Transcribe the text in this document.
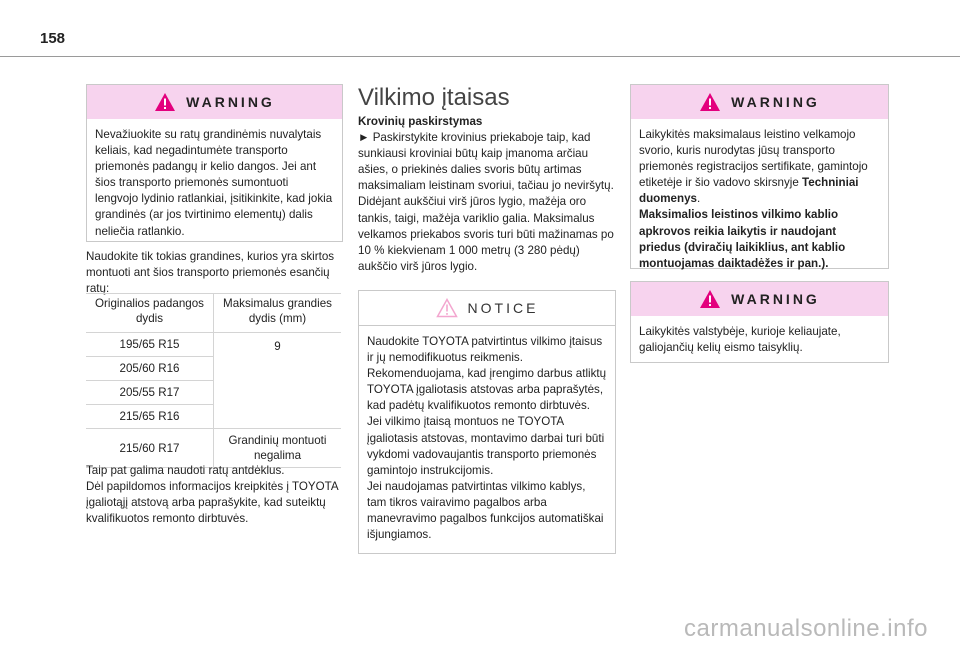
158
WARNING

Nevažiuokite su ratų grandinėmis nuvalytais keliais, kad negadintumėte transporto priemonės padangų ir kelio dangos. Jei ant šios transporto priemonės sumontuoti lengvojo lydinio ratlankiai, įsitikinkite, kad jokia grandinės (ar jos tvirtinimo elementų) dalis neliečia ratlankio.

Naudokite tik tokias grandines, kurios yra skirtos montuoti ant šios transporto priemonės esančių ratų:

Originalios padangos dydis	Maksimalus grandies dydis (mm)
195/65 R15	9
205/60 R16	
205/55 R17	
215/65 R16	
215/60 R17	Grandinių montuoti negalima

Taip pat galima naudoti ratų antdėklus.

Dėl papildomos informacijos kreipkitės į TOYOTA įgaliotąjį atstovą arba paprašykite, kad suteiktų kvalifikuotos remonto dirbtuvės.

Vilkimo įtaisas

Krovinių paskirstymas

► Paskirstykite krovinius priekaboje taip, kad sunkiausi kroviniai būtų kaip įmanoma arčiau ašies, o priekinės dalies svoris būtų artimas maksimaliam leistinam svoriui, tačiau jo neviršytų.

Didėjant aukščiui virš jūros lygio, mažėja oro tankis, taigi, mažėja variklio galia. Maksimalus velkamos priekabos svoris turi būti mažinamas po 10 % kiekvienam 1 000 metrų (3 280 pėdų) aukščio virš jūros lygio.

NOTICE

Naudokite TOYOTA patvirtintus vilkimo įtaisus ir jų nemodifikuotus reikmenis.

Rekomenduojama, kad įrengimo darbus atliktų TOYOTA įgaliotasis atstovas arba paprašytės, kad padėtų kvalifikuotos remonto dirbtuvės.

Jei vilkimo įtaisą montuos ne TOYOTA įgaliotasis atstovas, montavimo darbai turi būti vykdomi vadovaujantis transporto priemonės gamintojo instrukcijomis.

Jei naudojamas patvirtintas vilkimo kablys, tam tikros vairavimo pagalbos arba manevravimo pagalbos funkcijos automatiškai išjungiamos.

WARNING

Laikykitės maksimalaus leistino velkamojo svorio, kuris nurodytas jūsų transporto priemonės registracijos sertifikate, gamintojo etiketėje ir šio vadovo skirsnyje Techniniai duomenys.

Maksimalios leistinos vilkimo kablio apkrovos reikia laikytis ir naudojant priedus (dviračių laikiklius, ant kablio montuojamas daiktadėžes ir pan.).

WARNING

Laikykitės valstybėje, kurioje keliaujate, galiojančių kelių eismo taisyklių.

carmanualsonline.info
